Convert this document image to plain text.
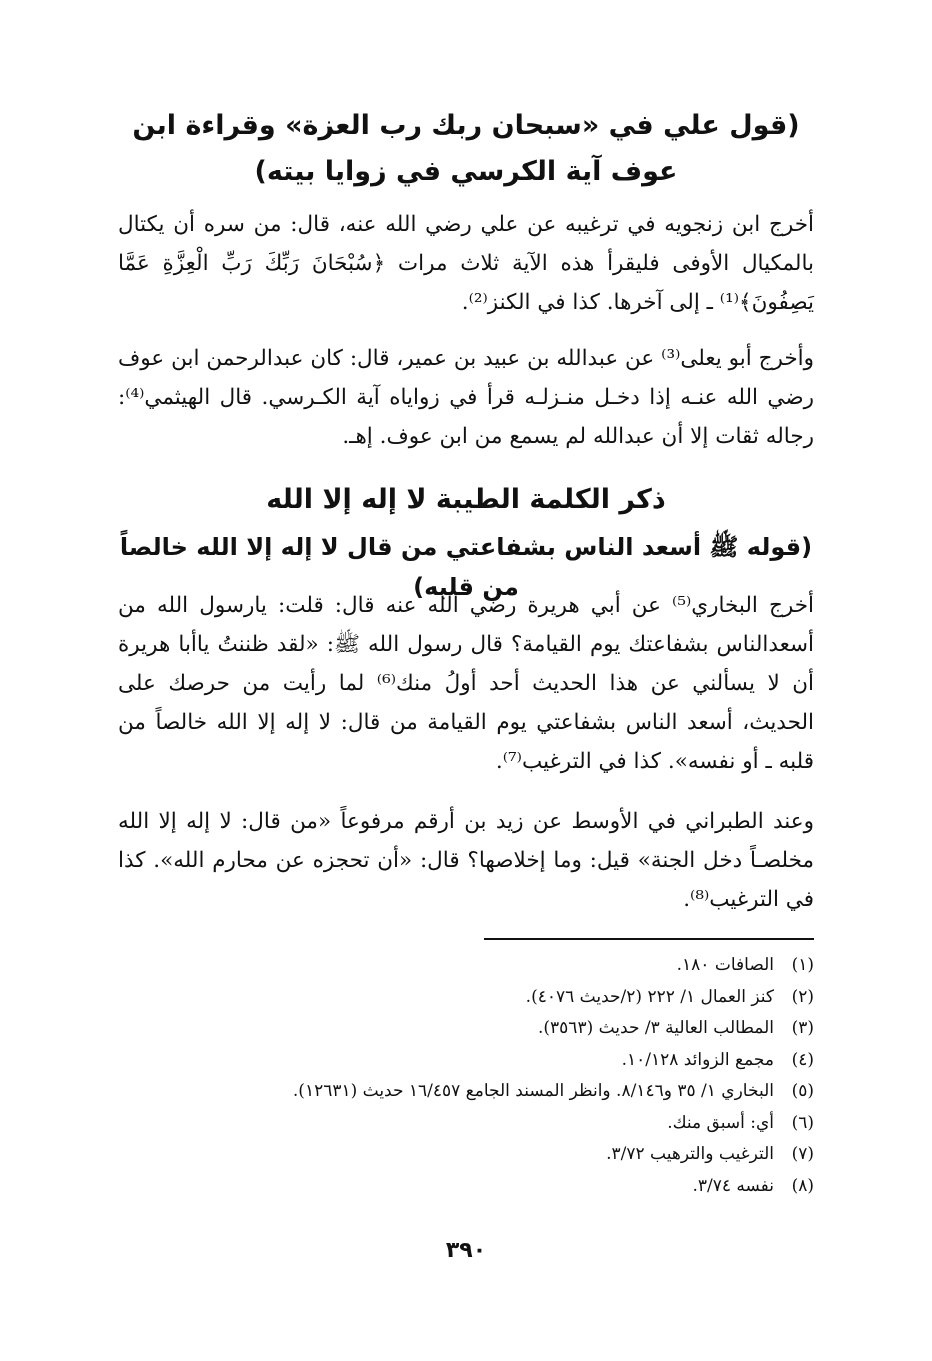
(قول علي في «سبحان ربك رب العزة» وقراءة ابن عوف آية الكرسي في زوايا بيته)

أخرج ابن زنجويه في ترغيبه عن علي رضي الله عنه، قال: من سره أن يكتال بالمكيال الأوفى فليقرأ هذه الآية ثلاث مرات ﴿سُبْحَانَ رَبِّكَ رَبِّ الْعِزَّةِ عَمَّا يَصِفُونَ﴾⁽¹⁾ ـ إلى آخرها. كذا في الكنز⁽²⁾.

وأخرج أبو يعلى⁽³⁾ عن عبدالله بن عبيد بن عمير، قال: كان عبدالرحمن ابن عوف رضي الله عنـه إذا دخـل منـزلـه قرأ في زواياه آية الكـرسي. قال الهيثمي⁽⁴⁾: رجاله ثقات إلا أن عبدالله لم يسمع من ابن عوف. إهـ.

ذكر الكلمة الطيبة لا إله إلا الله
(قوله ﷺ أسعد الناس بشفاعتي من قال لا إله إلا الله خالصاً من قلبه)

أخرج البخاري⁽⁵⁾ عن أبي هريرة رضي الله عنه قال: قلت: يارسول الله من أسعدالناس بشفاعتك يوم القيامة؟ قال رسول الله ﷺ: «لقد ظننتُ ياأبا هريرة أن لا يسألني عن هذا الحديث أحد أولُ منك⁽⁶⁾ لما رأيت من حرصك على الحديث، أسعد الناس بشفاعتي يوم القيامة من قال: لا إله إلا الله خالصاً من قلبه ـ أو نفسه». كذا في الترغيب⁽⁷⁾.

وعند الطبراني في الأوسط عن زيد بن أرقم مرفوعاً «من قال: لا إله إلا الله مخلصـاً دخل الجنة» قيل: وما إخلاصها؟ قال: «أن تحجزه عن محارم الله». كذا في الترغيب⁽⁸⁾.

(١)الصافات ١٨٠.
(٢)كنز العمال ١/ ٢٢٢ (٢/حديث ٤٠٧٦).
(٣)المطالب العالية ٣/ حديث (٣٥٦٣).
(٤)مجمع الزوائد ١٠/١٢٨.
(٥)البخاري ١/ ٣٥ و٨/١٤٦. وانظر المسند الجامع ١٦/٤٥٧ حديث (١٢٦٣١).
(٦)أي: أسبق منك.
(٧)الترغيب والترهيب ٣/٧٢.
(٨)نفسه ٣/٧٤.
٣٩٠
